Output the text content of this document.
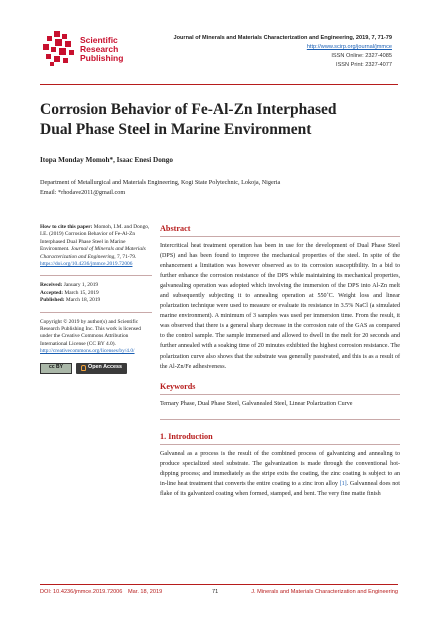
Scientific
Research
Publishing
Journal of Minerals and Materials Characterization and Engineering, 2019, 7, 71-79
http://www.scirp.org/journal/jmmce
ISSN Online: 2327-4085
ISSN Print: 2327-4077
Corrosion Behavior of Fe-Al-Zn Interphased
Dual Phase Steel in Marine Environment
Itopa Monday Momoh*, Isaac Enesi Dongo
Department of Metallurgical and Materials Engineering, Kogi State Polytechnic, Lokoja, Nigeria
Email: *rhodave2011@gmail.com

How to cite this paper: Momoh, I.M. and Dongo, I.E. (2019) Corrosion Behavior of Fe-Al-Zn Interphased Dual Phase Steel in Marine Environment. Journal of Minerals and Materials Characterization and Engineering, 7, 71-79.
https://doi.org/10.4236/jmmce.2019.72006

Received: January 1, 2019
Accepted: March 15, 2019
Published: March 18, 2019

Copyright © 2019 by author(s) and Scientific Research Publishing Inc. This work is licensed under the Creative Commons Attribution International License (CC BY 4.0).
http://creativecommons.org/licenses/by/4.0/

cc BY	Open Access
Abstract

Intercritical heat treatment operation has been in use for the development of Dual Phase Steel (DPS) and has been found to improve the mechanical properties of the steel. In spite of the enhancement a limitation was however observed as to its corrosion susceptibility. In a bid to further enhance the corrosion resistance of the DPS while maintaining its mechanical properties, galvanealing operation was adopted which involving the immersion of the DPS into Al-Zn melt and subsequently subjecting it to annealing operation at 550˚C. Weight loss and linear polarization technique were used to measure or evaluate its resistance in 3.5% NaCl (a simulated marine environment). A minimum of 3 samples was used per immersion time. From the result, it was observed that there is a general sharp decrease in the corrosion rate of the GAS as compared to the control sample. The sample immersed and allowed to dwell in the melt for 20 seconds and further annealed with a soaking time of 20 minutes exhibited the highest corrosion resistance. The polarization curve also shows that the substrate was generally passivated, and this is as a result of the Al-Zn/Fe adhesiveness.

Keywords

Ternary Phase, Dual Phase Steel, Galvanealed Steel, Linear Polarization Curve

1. Introduction

Galvaneal as a process is the result of the combined process of galvanizing and annealing to produce specialized steel substrate. The galvanization is made through the conventional hot-dipping process; and immediately as the stripe exits the coating, the zinc coating is subject to an in-line heat treatment that converts the entire coating to a zinc iron alloy [1]. Galvanneal does not flake of its galvanized coating when formed, stamped, and bent. The very fine matte finish

DOI: 10.4236/jmmce.2019.72006 Mar. 18, 2019	71	J. Minerals and Materials Characterization and Engineering
